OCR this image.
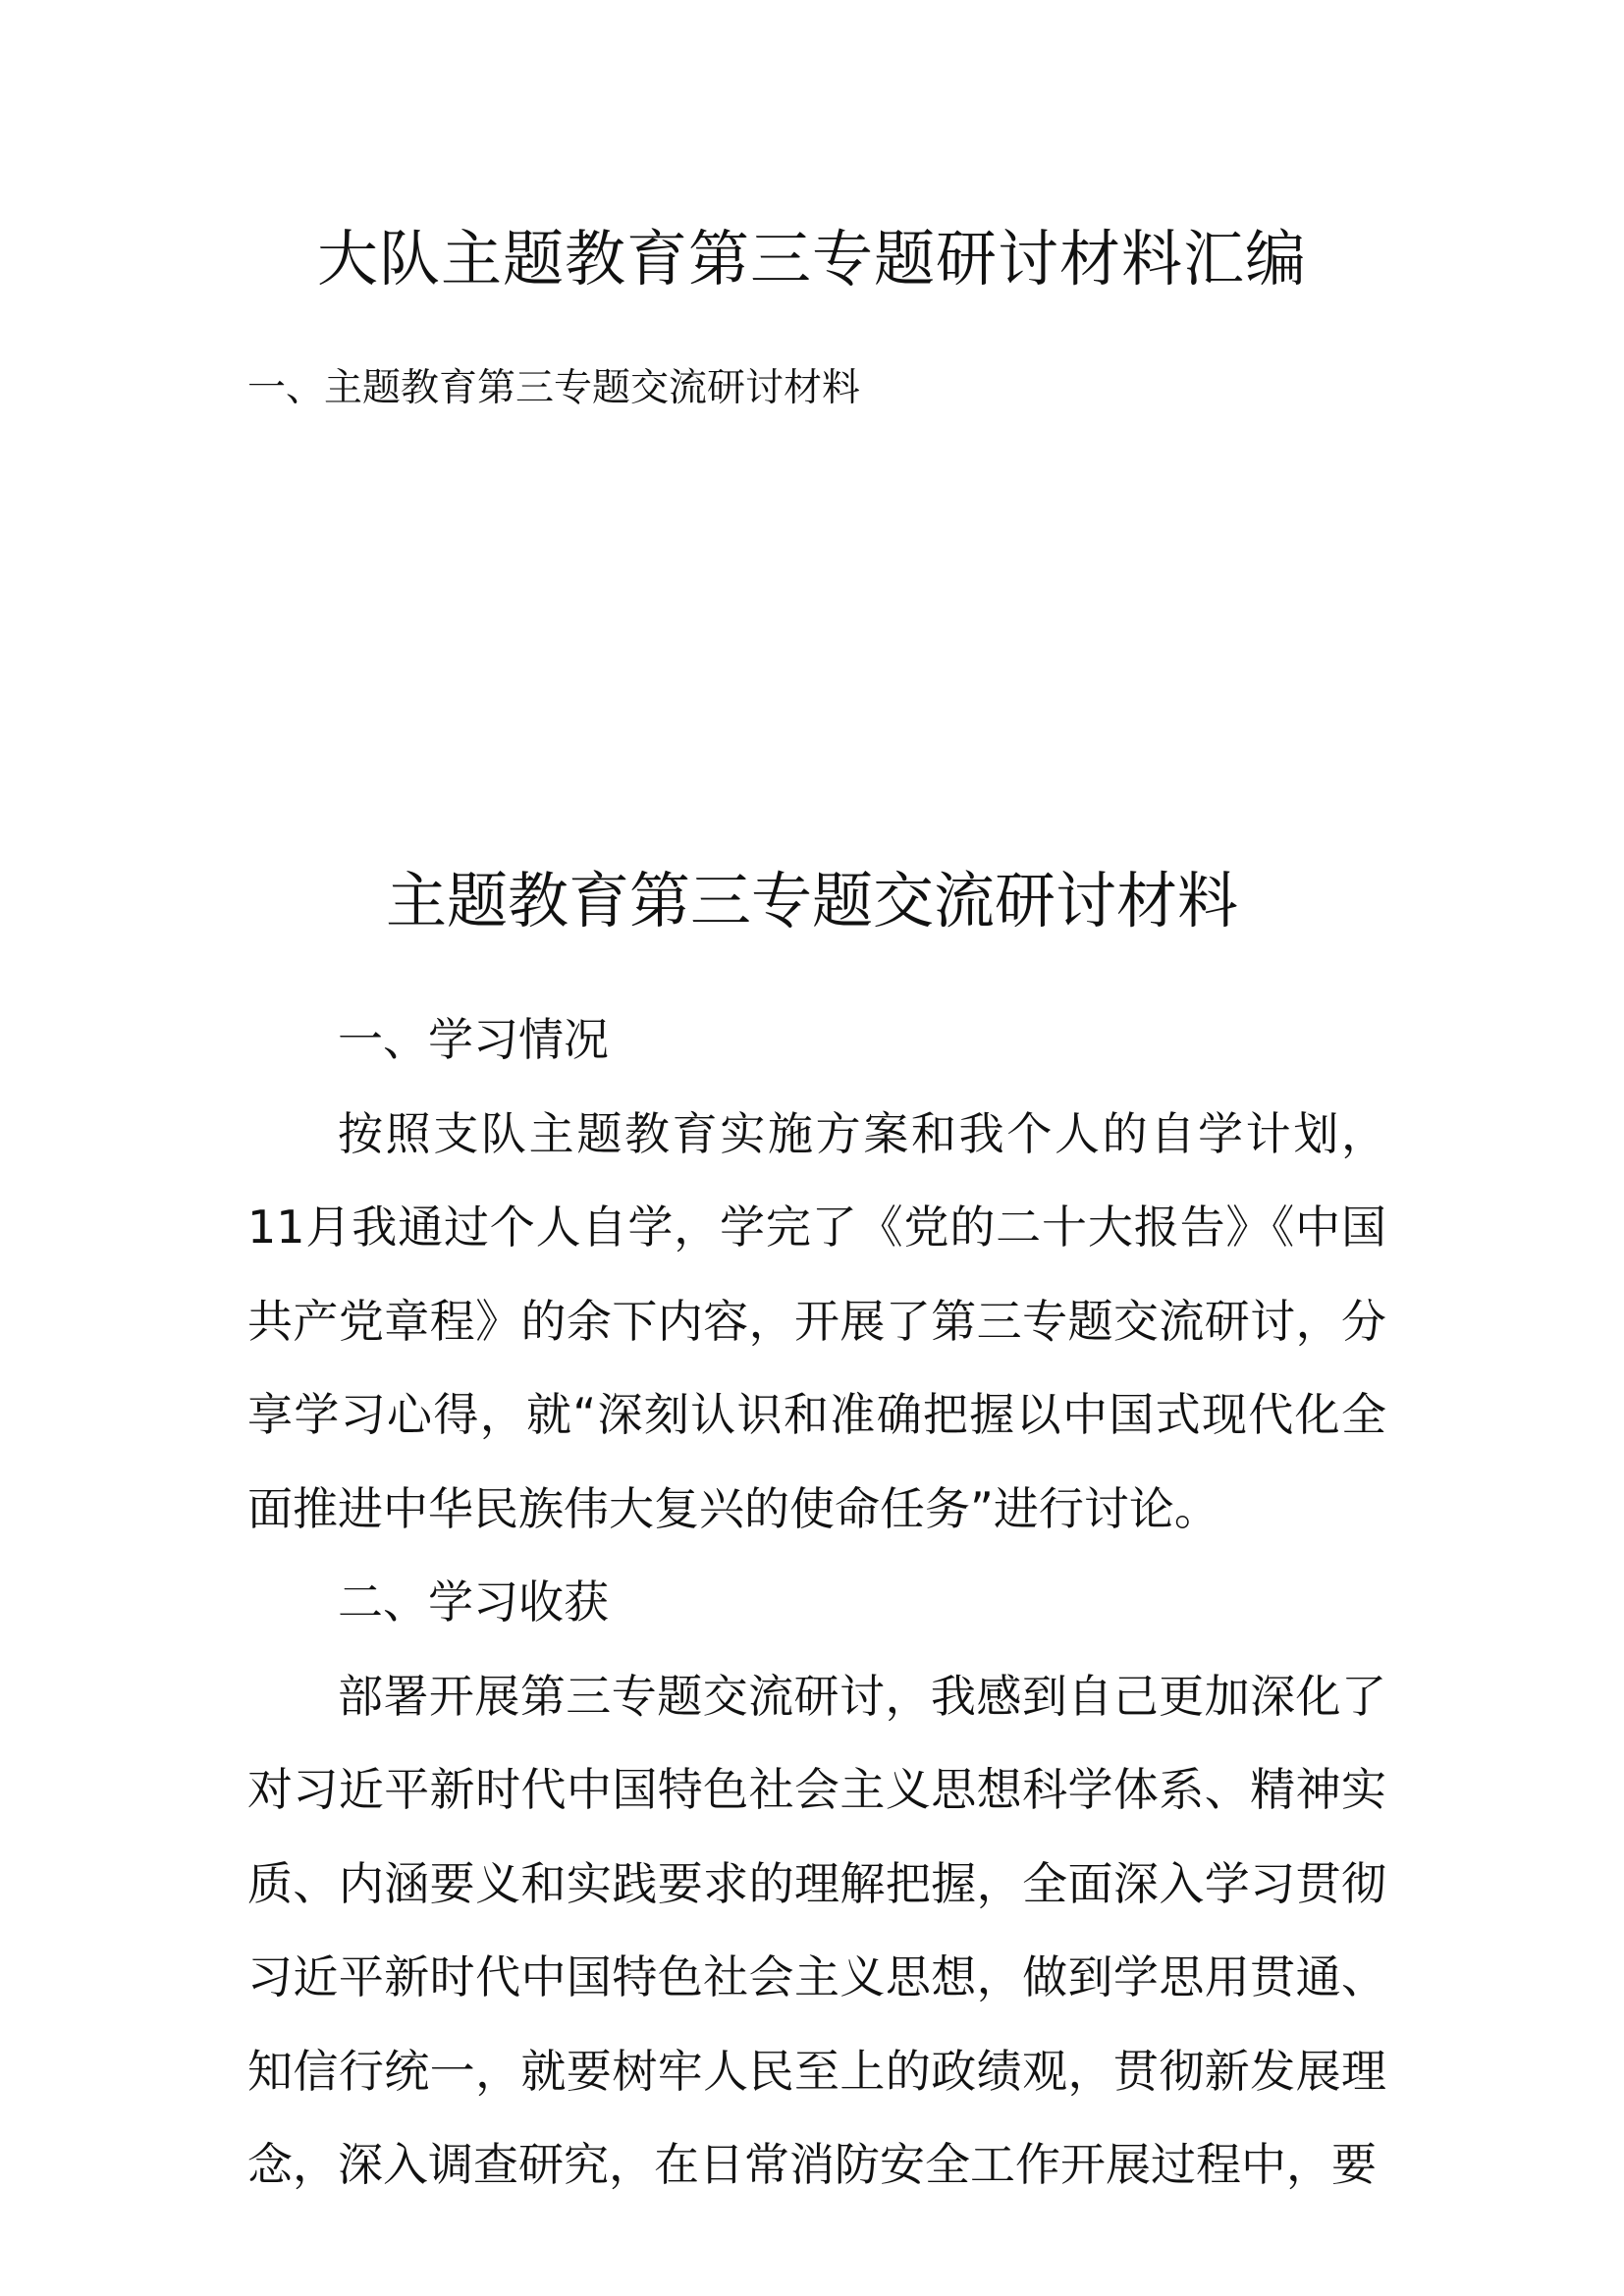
大队主题教育第三专题研讨材料汇编

一、主题教育第三专题交流研讨材料

主题教育第三专题交流研讨材料

一、学习情况

按照支队主题教育实施方案和我个人的自学计划，11月我通过个人自学，学完了《党的二十大报告》《中国共产党章程》的余下内容，开展了第三专题交流研讨，分享学习心得，就“深刻认识和准确把握以中国式现代化全面推进中华民族伟大复兴的使命任务”进行讨论。

二、学习收获

部署开展第三专题交流研讨，我感到自己更加深化了对习近平新时代中国特色社会主义思想科学体系、精神实质、内涵要义和实践要求的理解把握，全面深入学习贯彻习近平新时代中国特色社会主义思想，做到学思用贯通、知信行统一，就要树牢人民至上的政绩观，贯彻新发展理念，深入调查研究，在日常消防安全工作开展过程中，要
